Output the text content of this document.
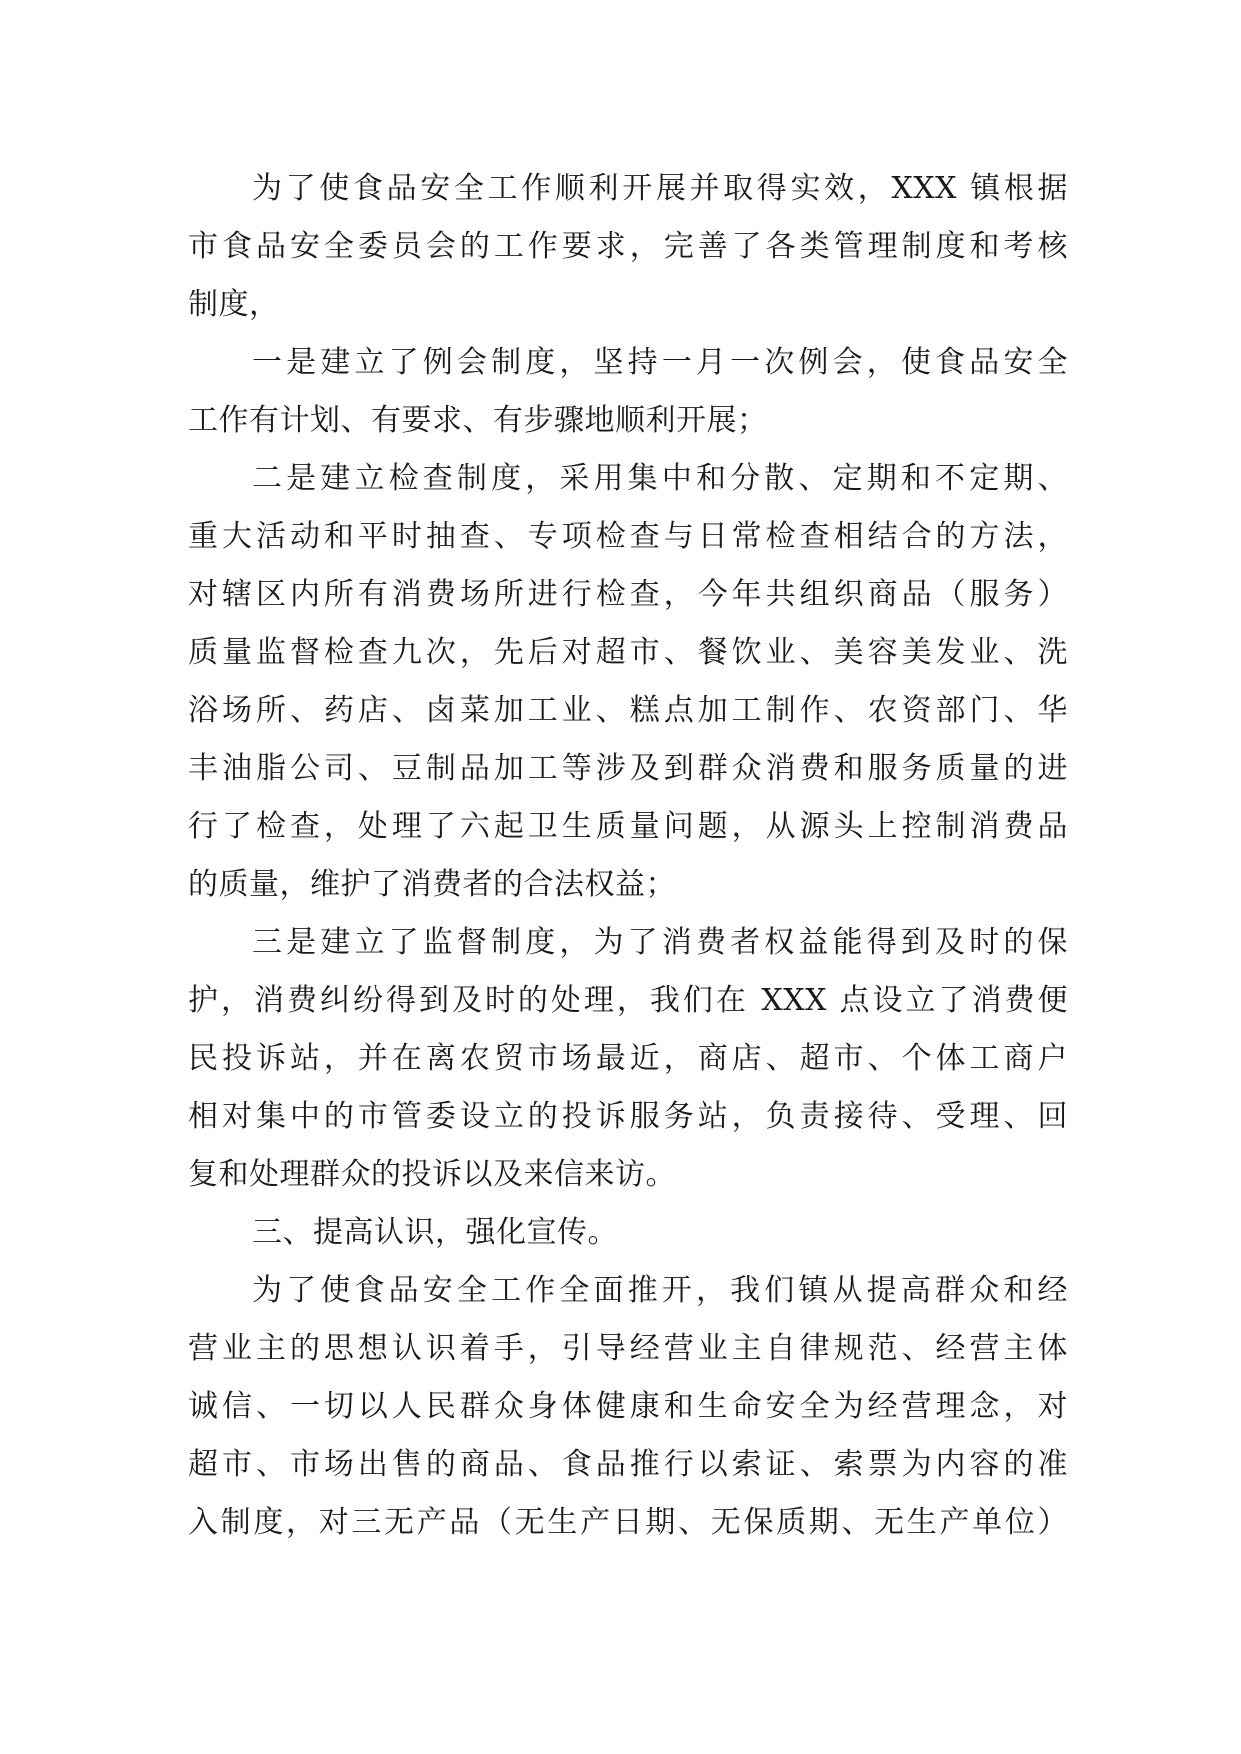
为了使食品安全工作顺利开展并取得实效，XXX 镇根据
市食品安全委员会的工作要求，完善了各类管理制度和考核
制度，
一是建立了例会制度，坚持一月一次例会，使食品安全
工作有计划、有要求、有步骤地顺利开展；
二是建立检查制度，采用集中和分散、定期和不定期、
重大活动和平时抽查、专项检查与日常检查相结合的方法，
对辖区内所有消费场所进行检查，今年共组织商品（服务）
质量监督检查九次，先后对超市、餐饮业、美容美发业、洗
浴场所、药店、卤菜加工业、糕点加工制作、农资部门、华
丰油脂公司、豆制品加工等涉及到群众消费和服务质量的进
行了检查，处理了六起卫生质量问题，从源头上控制消费品
的质量，维护了消费者的合法权益；
三是建立了监督制度，为了消费者权益能得到及时的保
护，消费纠纷得到及时的处理，我们在 XXX 点设立了消费便
民投诉站，并在离农贸市场最近，商店、超市、个体工商户
相对集中的市管委设立的投诉服务站，负责接待、受理、回
复和处理群众的投诉以及来信来访。
三、提高认识，强化宣传。
为了使食品安全工作全面推开，我们镇从提高群众和经
营业主的思想认识着手，引导经营业主自律规范、经营主体
诚信、一切以人民群众身体健康和生命安全为经营理念，对
超市、市场出售的商品、食品推行以索证、索票为内容的准
入制度，对三无产品（无生产日期、无保质期、无生产单位）
